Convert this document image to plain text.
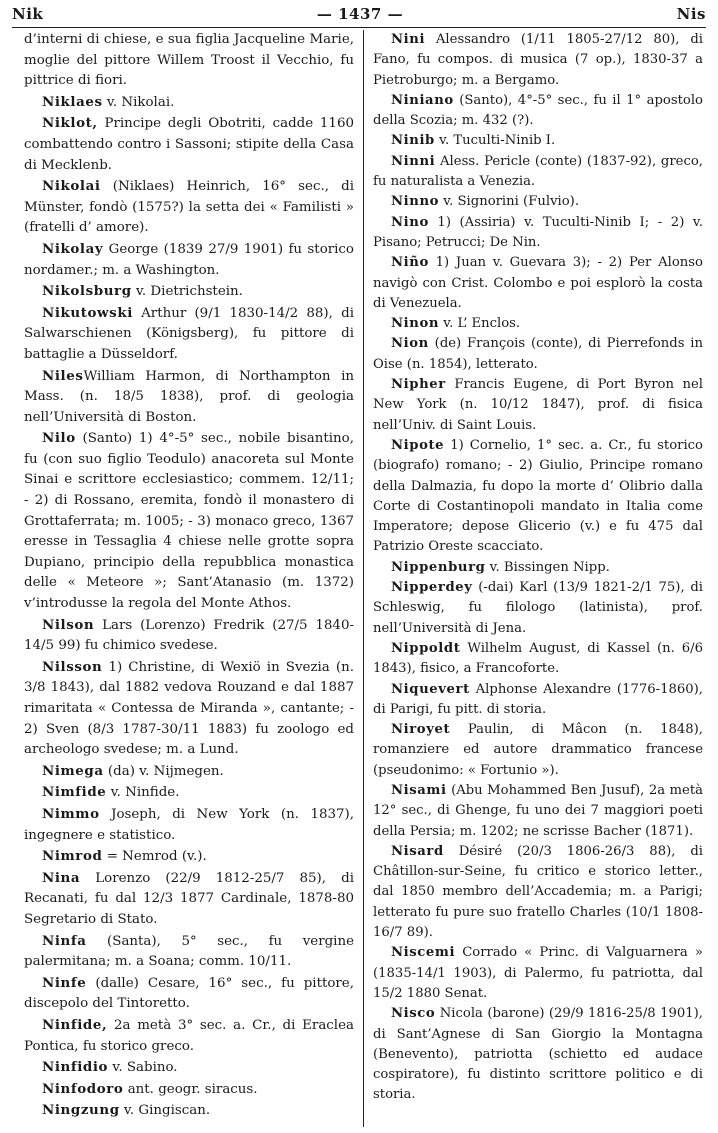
Nik	— 1437 —	Nis

d’interni di chiese, e sua figlia Jacqueline Marie, moglie del pittore Willem Troost il Vecchio, fu pittrice di fiori.

Niklaes v. Nikolai.

Niklot, Principe degli Obotriti, cadde 1160 combattendo contro i Sassoni; stipite della Casa di Mecklenb.

Nikolai (Niklaes) Heinrich, 16° sec., di Münster, fondò (1575?) la setta dei « Familisti » (fratelli d’ amore).

Nikolay George (1839 27/9 1901) fu storico nordamer.; m. a Washington.

Nikolsburg v. Dietrichstein.

Nikutowski Arthur (9/1 1830-14/2 88), di Salwarschienen (Königsberg), fu pittore di battaglie a Düsseldorf.

NilesWilliam Harmon, di Northampton in Mass. (n. 18/5 1838), prof. di geologia nell’Università di Boston.

Nilo (Santo) 1) 4°-5° sec., nobile bisantino, fu (con suo figlio Teodulo) anacoreta sul Monte Sinai e scrittore ecclesiastico; commem. 12/11; - 2) di Rossano, eremita, fondò il monastero di Grottaferrata; m. 1005; - 3) monaco greco, 1367 eresse in Tessaglia 4 chiese nelle grotte sopra Dupiano, principio della repubblica monastica delle « Meteore »; Sant’Atanasio (m. 1372) v’introdusse la regola del Monte Athos.

Nilson Lars (Lorenzo) Fredrik (27/5 1840-14/5 99) fu chimico svedese.

Nilsson 1) Christine, di Wexiö in Svezia (n. 3/8 1843), dal 1882 vedova Rouzand e dal 1887 rimaritata « Contessa de Miranda », cantante; - 2) Sven (8/3 1787-30/11 1883) fu zoologo ed archeologo svedese; m. a Lund.

Nimega (da) v. Nijmegen.

Nimfide v. Ninfide.

Nimmo Joseph, di New York (n. 1837), ingegnere e statistico.

Nimrod = Nemrod (v.).

Nina Lorenzo (22/9 1812-25/7 85), di Recanati, fu dal 12/3 1877 Cardinale, 1878-80 Segretario di Stato.

Ninfa (Santa), 5° sec., fu vergine palermitana; m. a Soana; comm. 10/11.

Ninfe (dalle) Cesare, 16° sec., fu pittore, discepolo del Tintoretto.

Ninfide, 2a metà 3° sec. a. Cr., di Eraclea Pontica, fu storico greco.

Ninfidio v. Sabino.

Ninfodoro ant. geogr. siracus.

Ningzung v. Gingiscan.

Nini Alessandro (1/11 1805-27/12 80), di Fano, fu compos. di musica (7 op.), 1830-37 a Pietroburgo; m. a Bergamo.

Niniano (Santo), 4°-5° sec., fu il 1° apostolo della Scozia; m. 432 (?).

Ninib v. Tuculti-Ninib I.

Ninni Aless. Pericle (conte) (1837-92), greco, fu naturalista a Venezia.

Ninno v. Signorini (Fulvio).

Nino 1) (Assiria) v. Tuculti-Ninib I; - 2) v. Pisano; Petrucci; De Nin.

Niño 1) Juan v. Guevara 3); - 2) Per Alonso navigò con Crist. Colombo e poi esplorò la costa di Venezuela.

Ninon v. L’ Enclos.

Nion (de) François (conte), di Pierrefonds in Oise (n. 1854), letterato.

Nipher Francis Eugene, di Port Byron nel New York (n. 10/12 1847), prof. di fisica nell’Univ. di Saint Louis.

Nipote 1) Cornelio, 1° sec. a. Cr., fu storico (biografo) romano; - 2) Giulio, Principe romano della Dalmazia, fu dopo la morte d’ Olibrio dalla Corte di Costantinopoli mandato in Italia come Imperatore; depose Glicerio (v.) e fu 475 dal Patrizio Oreste scacciato.

Nippenburg v. Bissingen Nipp.

Nipperdey (-dai) Karl (13/9 1821-2/1 75), di Schleswig, fu filologo (latinista), prof. nell’Università di Jena.

Nippoldt Wilhelm August, di Kassel (n. 6/6 1843), fisico, a Francoforte.

Niquevert Alphonse Alexandre (1776-1860), di Parigi, fu pitt. di storia.

Niroyet Paulin, di Mâcon (n. 1848), romanziere ed autore drammatico francese (pseudonimo: « Fortunio »).

Nisami (Abu Mohammed Ben Jusuf), 2a metà 12° sec., di Ghenge, fu uno dei 7 maggiori poeti della Persia; m. 1202; ne scrisse Bacher (1871).

Nisard Désiré (20/3 1806-26/3 88), di Châtillon-sur-Seine, fu critico e storico letter., dal 1850 membro dell’Accademia; m. a Parigi; letterato fu pure suo fratello Charles (10/1 1808-16/7 89).

Niscemi Corrado « Princ. di Valguarnera » (1835-14/1 1903), di Palermo, fu patriotta, dal 15/2 1880 Senat.

Nisco Nicola (barone) (29/9 1816-25/8 1901), di Sant’Agnese di San Giorgio la Montagna (Benevento), patriotta (schietto ed audace cospiratore), fu distinto scrittore politico e di storia.
